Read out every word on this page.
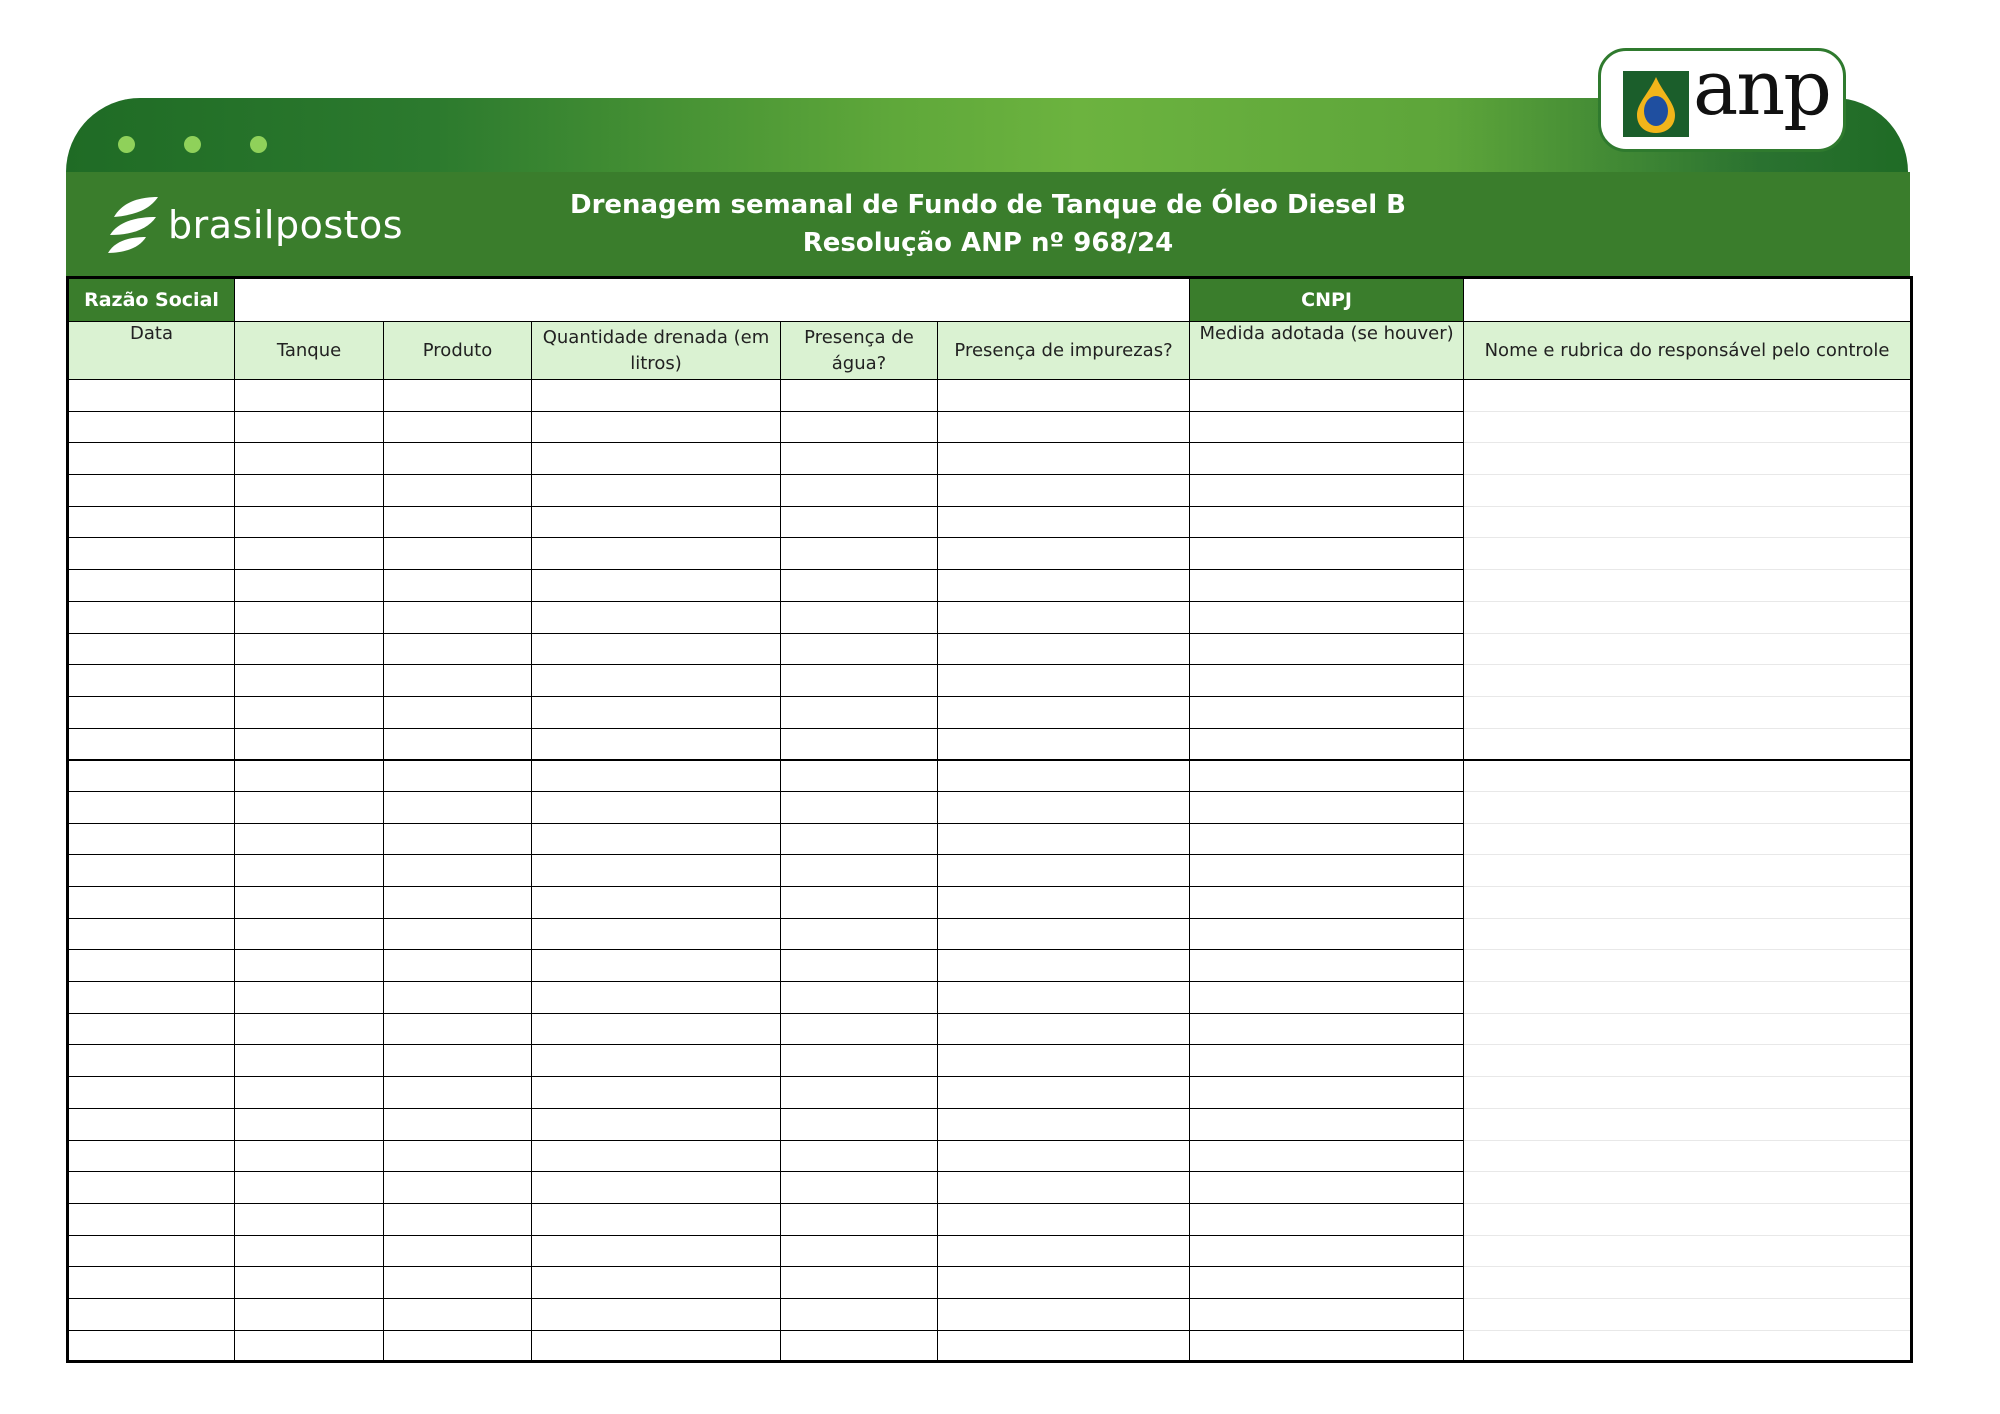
anp
brasilpostos	Drenagem semanal de Fundo de Tanque de Óleo Diesel B
Resolução ANP nº 968/24
Razão Social						CNPJ	
Data	Tanque	Produto	Quantidade drenada (em litros)	Presença de água?	Presença de impurezas?	Medida adotada (se houver)	Nome e rubrica do responsável pelo controle
